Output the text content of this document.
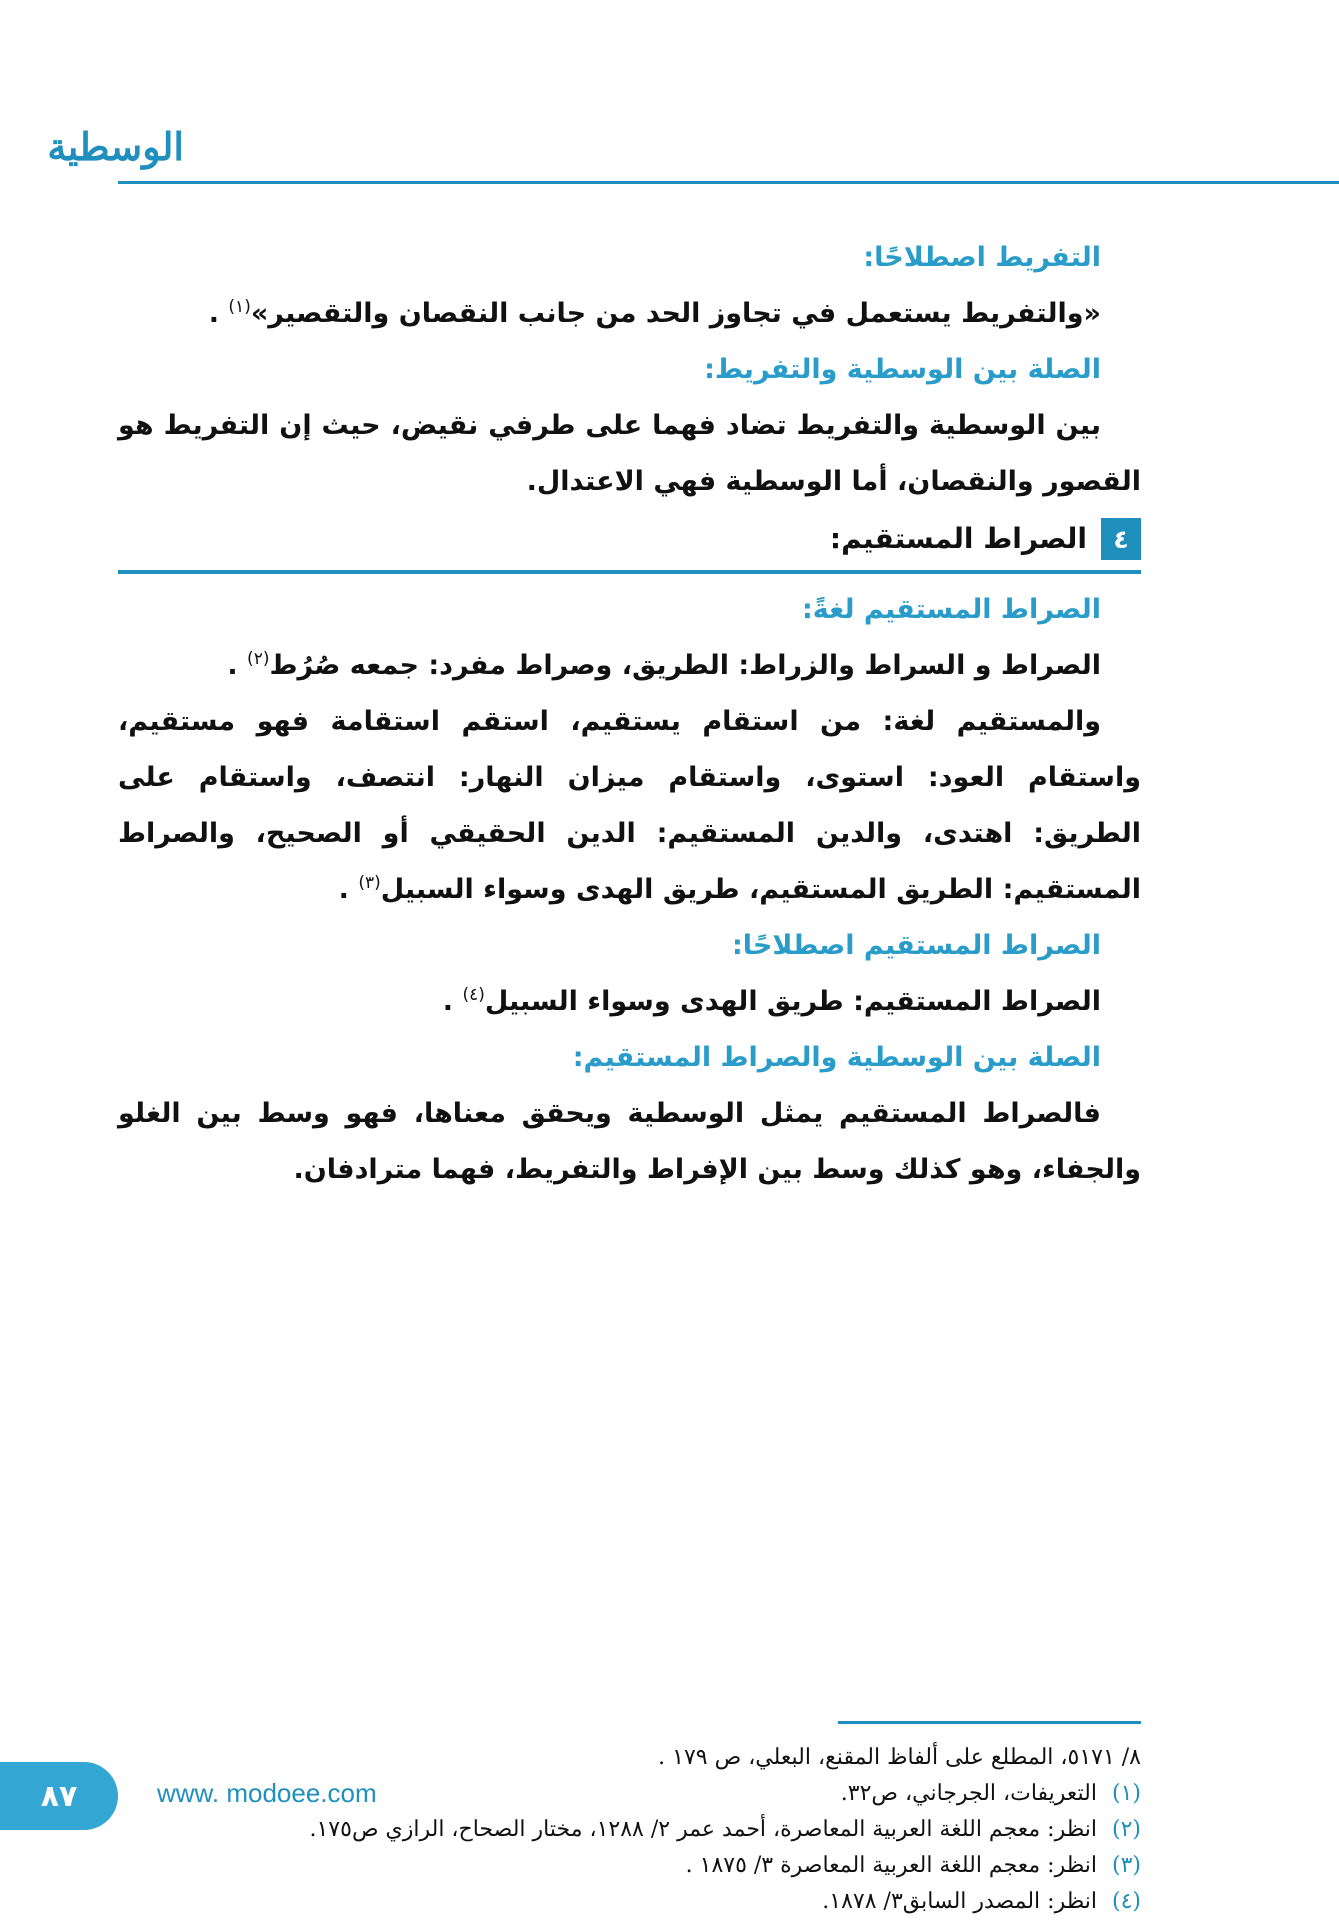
الوسطية
التفريط اصطلاحًا:

«والتفريط يستعمل في تجاوز الحد من جانب النقصان والتقصير»$^{(١)}$ .

الصلة بين الوسطية والتفريط:

بين الوسطية والتفريط تضاد فهما على طرفي نقيض، حيث إن التفريط هو القصور والنقصان، أما الوسطية فهي الاعتدال.

٤
الصراط المستقيم:
الصراط المستقيم لغةً:

الصراط و السراط والزراط: الطريق، وصراط مفرد: جمعه صُرُط$^{(٢)}$ .

والمستقيم لغة: من استقام يستقيم، استقم استقامة فهو مستقيم، واستقام العود: استوى، واستقام ميزان النهار: انتصف، واستقام على الطريق: اهتدى، والدين المستقيم: الدين الحقيقي أو الصحيح، والصراط المستقيم: الطريق المستقيم، طريق الهدى وسواء السبيل$^{(٣)}$ .

الصراط المستقيم اصطلاحًا:

الصراط المستقيم: طريق الهدى وسواء السبيل$^{(٤)}$ .

الصلة بين الوسطية والصراط المستقيم:

فالصراط المستقيم يمثل الوسطية ويحقق معناها، فهو وسط بين الغلو والجفاء، وهو كذلك وسط بين الإفراط والتفريط، فهما مترادفان.

٨/ ٥١٧١، المطلع على ألفاظ المقنع، البعلي، ص ١٧٩ .
(١)التعريفات، الجرجاني، ص٣٢.
(٢)انظر: معجم اللغة العربية المعاصرة، أحمد عمر ٢/ ١٢٨٨، مختار الصحاح، الرازي ص١٧٥.
(٣)انظر: معجم اللغة العربية المعاصرة ٣/ ١٨٧٥ .
(٤)انظر: المصدر السابق٣/ ١٨٧٨.
٨٧	www. modoee.com
